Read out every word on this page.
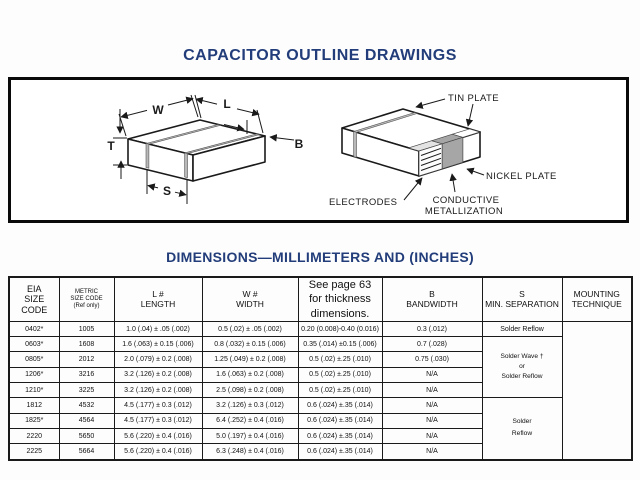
CAPACITOR OUTLINE DRAWINGS
W	L
B
T
S
TIN PLATE
NICKEL PLATE
ELECTRODES	CONDUCTIVE
METALLIZATION
DIMENSIONS—MILLIMETERS AND (INCHES)
EIA
SIZE CODE	METRIC
SIZE CODE
(Ref only)	L #
LENGTH	W #
WIDTH	See page 63 for thickness dimensions.	B
BANDWIDTH	S
MIN. SEPARATION	MOUNTING
TECHNIQUE

0402*	1005	1.0 (.04) ± .05 (.002)	0.5 (.02) ± .05 (.002)	0.20 (0.008)-0.40 (0.016)	0.3 (.012)	Solder Reflow	
0603*	1608	1.6 (.063) ± 0.15 (.006)	0.8 (.032) ± 0.15 (.006)	0.35 (.014) ±0.15 (.006)	0.7 (.028)	Solder Wave †
or
Solder Reflow	

0805*	2012	2.0 (.079) ± 0.2 (.008)	1.25 (.049) ± 0.2 (.008)	0.5 (.02) ±.25 (.010)	0.75 (.030)		
1206*	3216	3.2 (.126) ± 0.2 (.008)	1.6 (.063) ± 0.2 (.008)	0.5 (.02) ±.25 (.010)	N/A		
1210*	3225	3.2 (.126) ± 0.2 (.008)	2.5 (.098) ± 0.2 (.008)	0.5 (.02) ±.25 (.010)	N/A		
1812	4532	4.5 (.177) ± 0.3 (.012)	3.2 (.126) ± 0.3 (.012)	0.6 (.024) ±.35 (.014)	N/A	Solder
Reflow	

1825*	4564	4.5 (.177) ± 0.3 (.012)	6.4 (.252) ± 0.4 (.016)	0.6 (.024) ±.35 (.014)	N/A		
2220	5650	5.6 (.220) ± 0.4 (.016)	5.0 (.197) ± 0.4 (.016)	0.6 (.024) ±.35 (.014)	N/A		
2225	5664	5.6 (.220) ± 0.4 (.016)	6.3 (.248) ± 0.4 (.016)	0.6 (.024) ±.35 (.014)	N/A		
